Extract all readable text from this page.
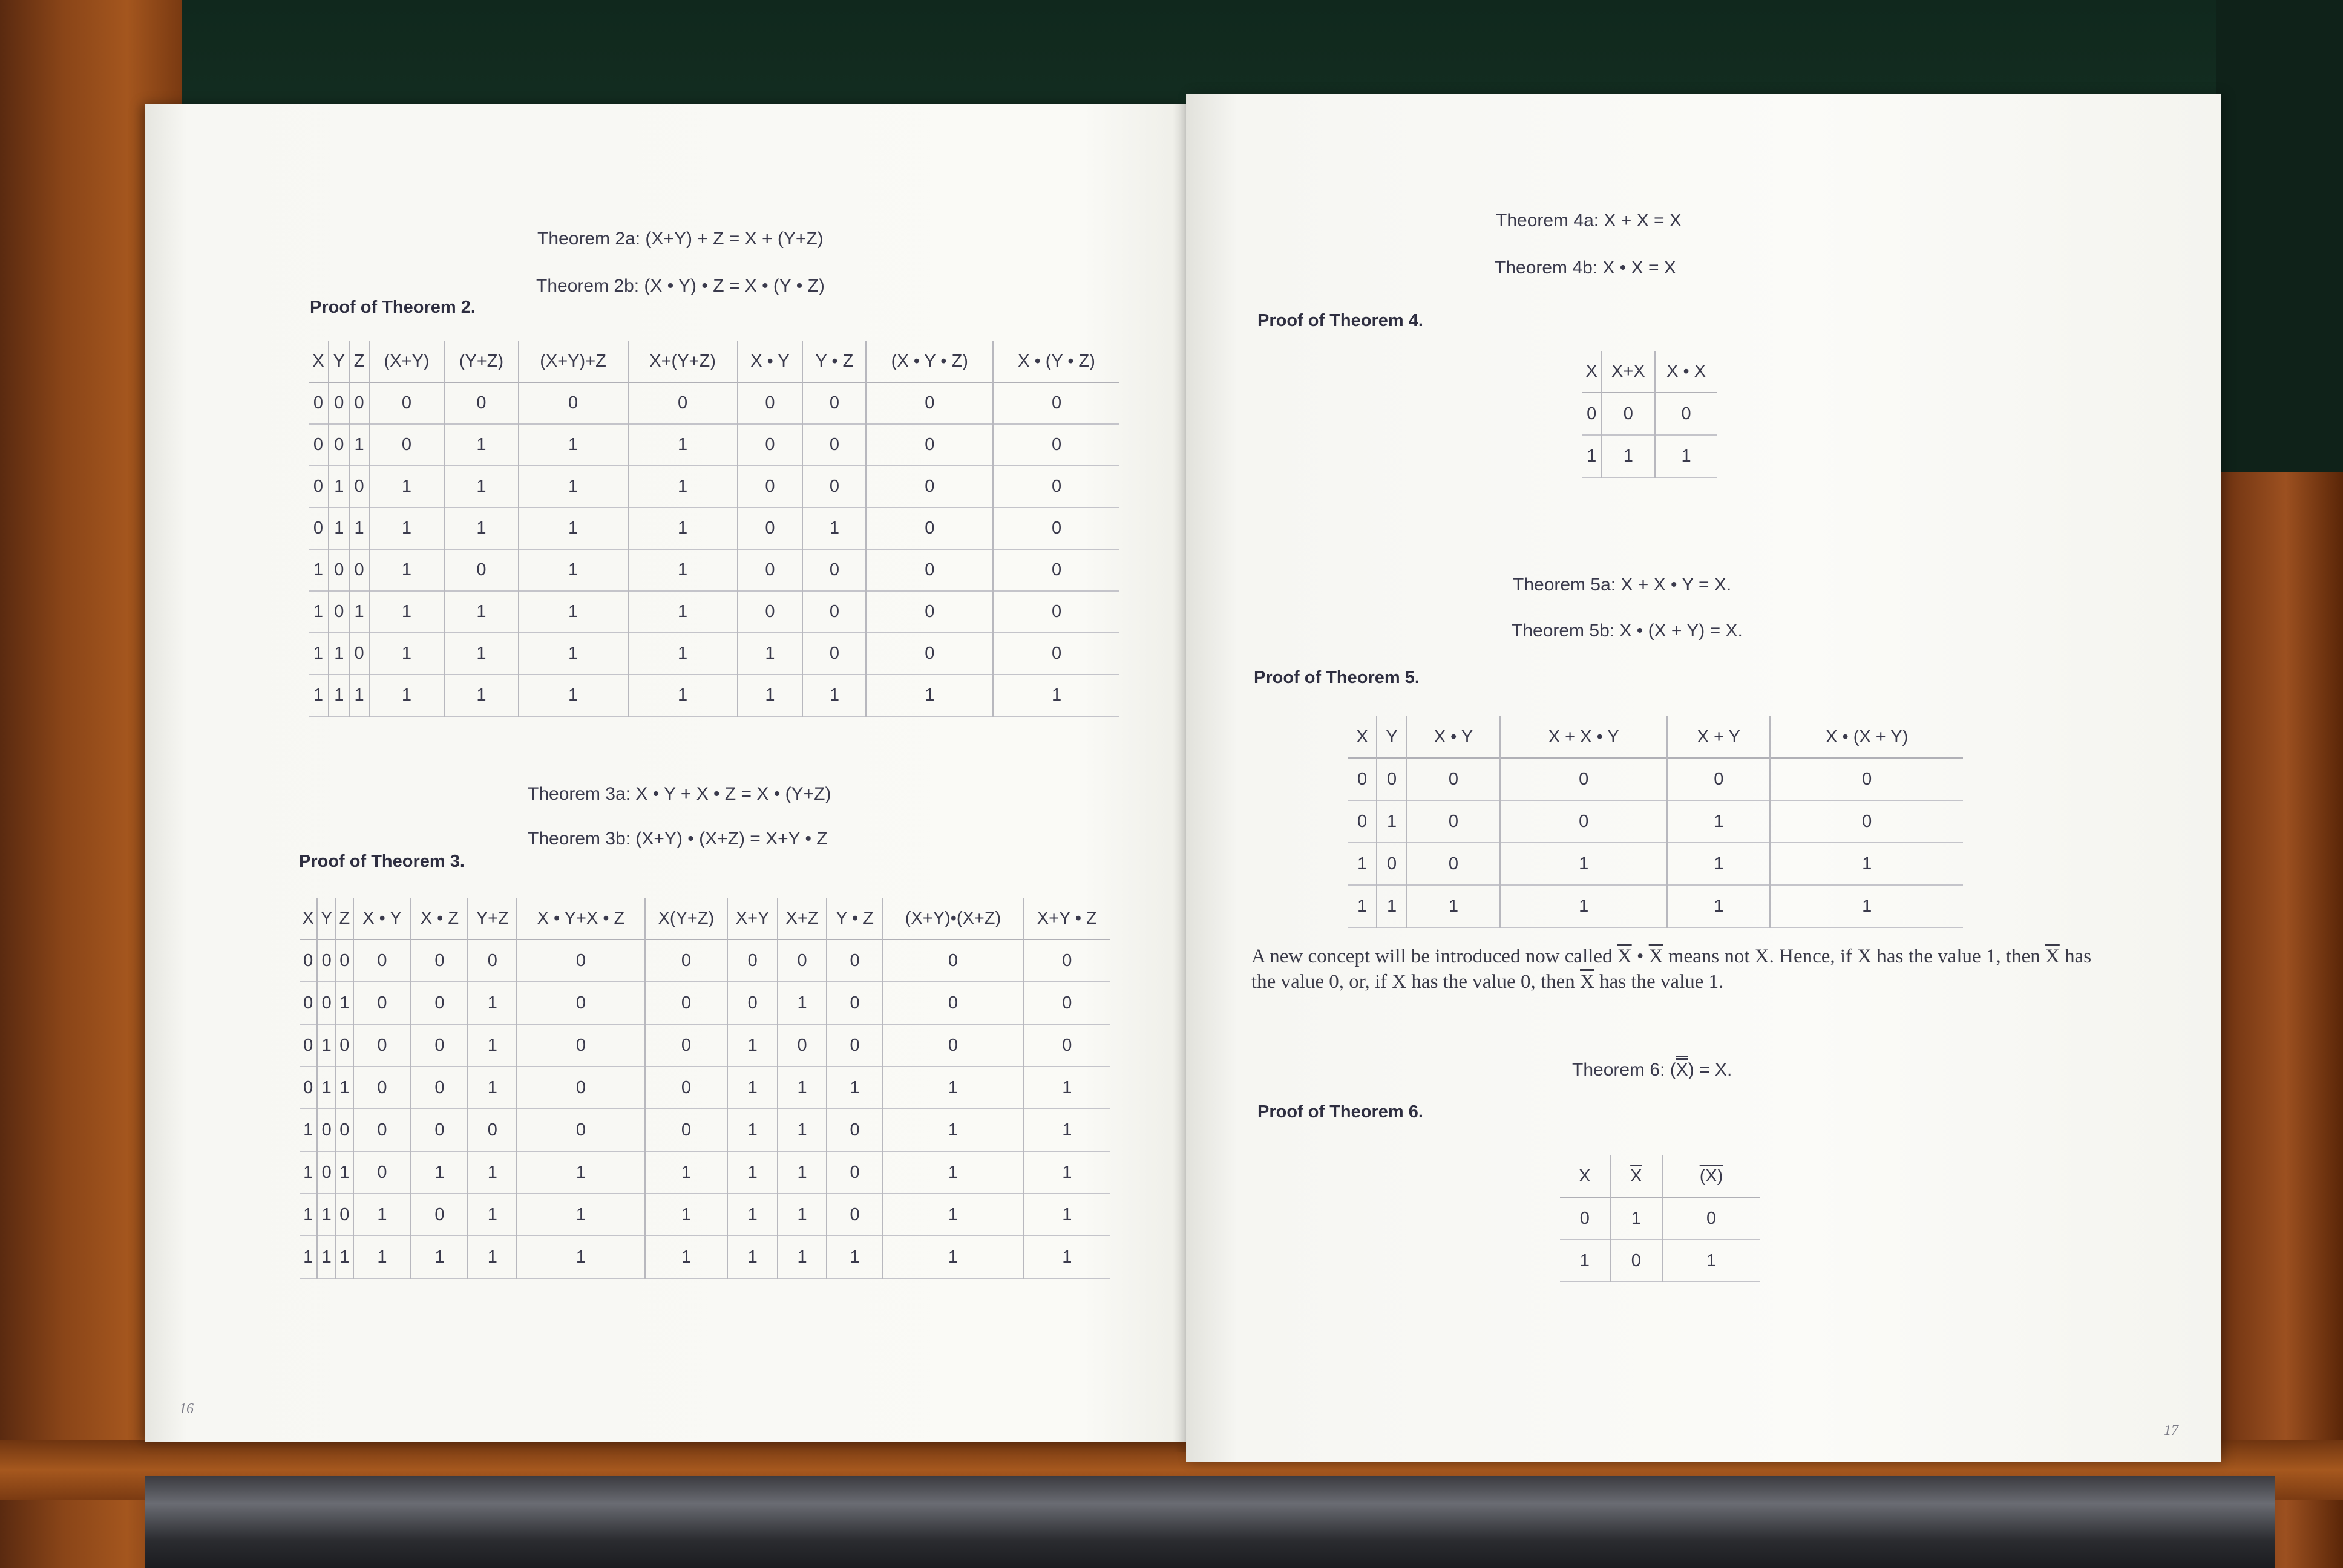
Theorem 2a: (X+Y) + Z = X + (Y+Z)
Theorem 2b: (X • Y) • Z = X • (Y • Z)
Proof of Theorem 2.
X	Y	Z	(X+Y)	(Y+Z)	(X+Y)+Z	X+(Y+Z)	X • Y	Y • Z	(X • Y • Z)	X • (Y • Z)
0	0	0	0	0	0	0	0	0	0	0
0	0	1	0	1	1	1	0	0	0	0
0	1	0	1	1	1	1	0	0	0	0
0	1	1	1	1	1	1	0	1	0	0
1	0	0	1	0	1	1	0	0	0	0
1	0	1	1	1	1	1	0	0	0	0
1	1	0	1	1	1	1	1	0	0	0
1	1	1	1	1	1	1	1	1	1	1
Theorem 3a: X • Y + X • Z = X • (Y+Z)
Theorem 3b: (X+Y) • (X+Z) = X+Y • Z
Proof of Theorem 3.
X	Y	Z	X • Y	X • Z	Y+Z	X • Y+X • Z	X(Y+Z)	X+Y	X+Z	Y • Z	(X+Y)•(X+Z)	X+Y • Z
0	0	0	0	0	0	0	0	0	0	0	0	0
0	0	1	0	0	1	0	0	0	1	0	0	0
0	1	0	0	0	1	0	0	1	0	0	0	0
0	1	1	0	0	1	0	0	1	1	1	1	1
1	0	0	0	0	0	0	0	1	1	0	1	1
1	0	1	0	1	1	1	1	1	1	0	1	1
1	1	0	1	0	1	1	1	1	1	0	1	1
1	1	1	1	1	1	1	1	1	1	1	1	1
16
Theorem 4a: X + X = X
Theorem 4b: X • X = X
Proof of Theorem 4.
X	X+X	X • X
0	0	0
1	1	1
Theorem 5a: X + X • Y = X.
Theorem 5b: X • (X + Y) = X.
Proof of Theorem 5.
X	Y	X • Y	X + X • Y	X + Y	X • (X + Y)
0	0	0	0	0	0
0	1	0	0	1	0
1	0	0	1	1	1
1	1	1	1	1	1
A new concept will be introduced now called $\overline{X}$ • $\overline{X}$ means not X. Hence, if X has the value 1, then $\overline{X}$ has the value 0, or, if X has the value 0, then $\overline{X}$ has the value 1.
Theorem 6: (X) = X.
Proof of Theorem 6.
X	$\overline{X}$	(X)
0	1	0
1	0	1
17
